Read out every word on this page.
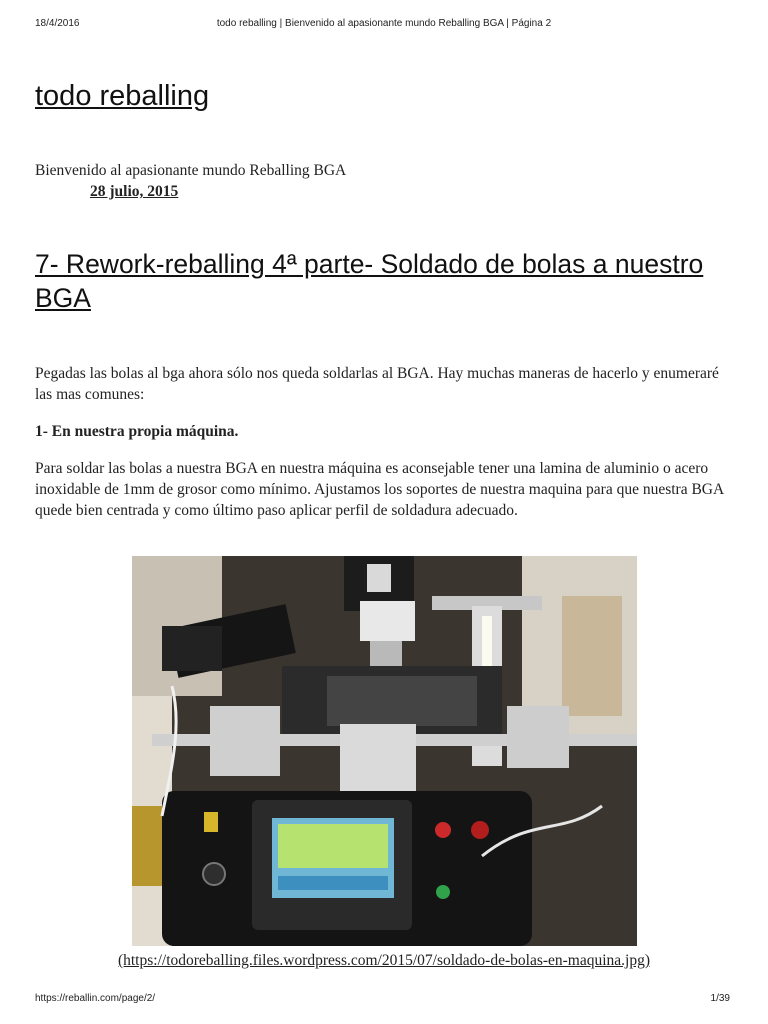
18/4/2016	todo reballing | Bienvenido al apasionante mundo Reballing BGA | Página 2
todo reballing
Bienvenido al apasionante mundo Reballing BGA
28 julio, 2015
7- Rework-reballing 4ª parte- Soldado de bolas a nuestro BGA

Pegadas las bolas al bga ahora sólo nos queda soldarlas al BGA. Hay muchas maneras de hacerlo y enumeraré las mas comunes:

1- En nuestra propia máquina.

Para soldar las bolas a nuestra BGA en nuestra máquina es aconsejable tener una lamina de aluminio o acero inoxidable de 1mm de grosor como mínimo. Ajustamos los soportes de nuestra maquina para que nuestra BGA quede bien centrada y como último paso aplicar perfil de soldadura adecuado.

(https://todoreballing.files.wordpress.com/2015/07/soldado-de-bolas-en-maquina.jpg)
https://reballin.com/page/2/	1/39
